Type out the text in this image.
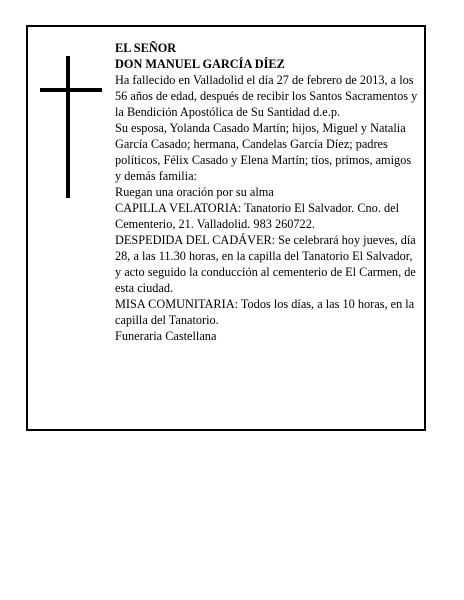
EL SEÑOR

DON MANUEL GARCÍA DÍEZ

Ha fallecido en Valladolid el día 27 de febrero de 2013, a los 56 años de edad, después de recibir los Santos Sacramentos y la Bendición Apostólica de Su Santidad d.e.p.

Su esposa, Yolanda Casado Martín; hijos, Miguel y Natalia García Casado; hermana, Candelas García Díez; padres políticos, Félix Casado y Elena Martín; tíos, primos, amigos y demás familia:

Ruegan una oración por su alma

CAPILLA VELATORIA: Tanatorio El Salvador. Cno. del Cementerio, 21. Valladolid. 983 260722.

DESPEDIDA DEL CADÁVER: Se celebrará hoy jueves, día 28, a las 11.30 horas, en la capilla del Tanatorio El Salvador, y acto seguido la conducción al cementerio de El Carmen, de esta ciudad.

MISA COMUNITARIA: Todos los días, a las 10 horas, en la capilla del Tanatorio.

Funeraria Castellana
